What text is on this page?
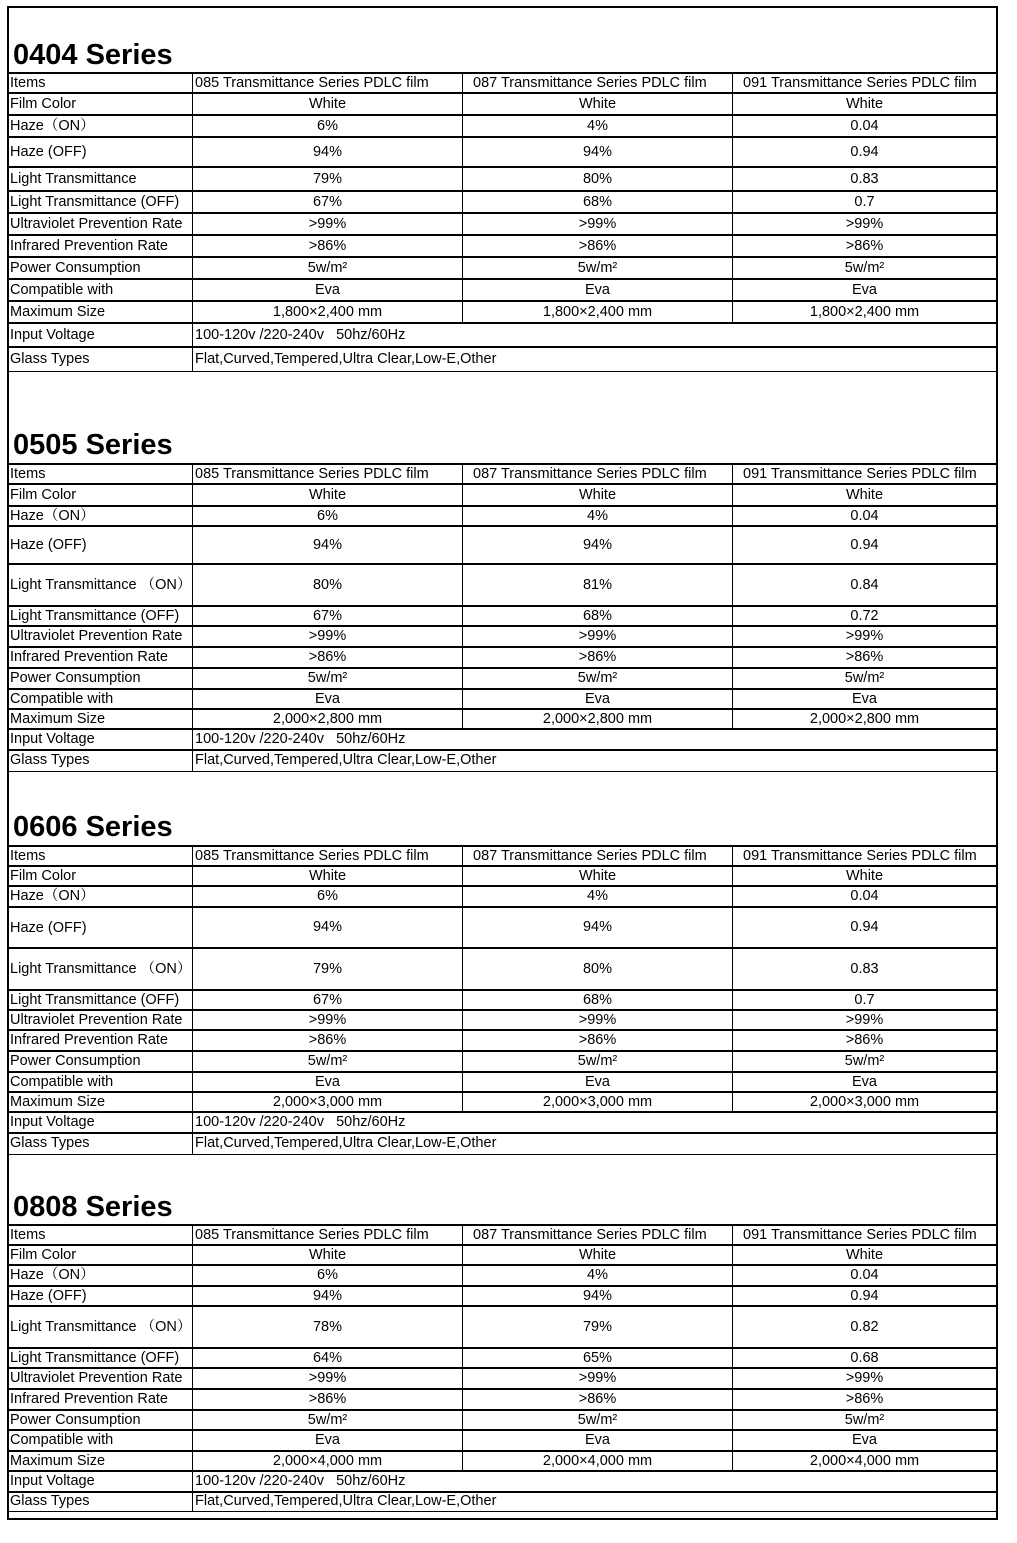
0404 Series
Items	085 Transmittance Series PDLC film	087 Transmittance Series PDLC film	091 Transmittance Series PDLC film
Film Color	White	White	White
Haze（ON）	6%	4%	0.04
Haze (OFF)	94%	94%	0.94
Light Transmittance	79%	80%	0.83
Light Transmittance (OFF)	67%	68%	0.7
Ultraviolet Prevention Rate	>99%	>99%	>99%
Infrared Prevention Rate	>86%	>86%	>86%
Power Consumption	5w/m²	5w/m²	5w/m²
Compatible with	Eva	Eva	Eva
Maximum Size	1,800×2,400 mm	1,800×2,400 mm	1,800×2,400 mm
Input Voltage	100-120v /220-240v   50hz/60Hz		
Glass Types	Flat,Curved,Tempered,Ultra Clear,Low-E,Other		
0505 Series
Items	085 Transmittance Series PDLC film	087 Transmittance Series PDLC film	091 Transmittance Series PDLC film
Film Color	White	White	White
Haze（ON）	6%	4%	0.04
Haze (OFF)	94%	94%	0.94
Light Transmittance （ON）	80%	81%	0.84
Light Transmittance (OFF)	67%	68%	0.72
Ultraviolet Prevention Rate	>99%	>99%	>99%
Infrared Prevention Rate	>86%	>86%	>86%
Power Consumption	5w/m²	5w/m²	5w/m²
Compatible with	Eva	Eva	Eva
Maximum Size	2,000×2,800 mm	2,000×2,800 mm	2,000×2,800 mm
Input Voltage	100-120v /220-240v   50hz/60Hz		
Glass Types	Flat,Curved,Tempered,Ultra Clear,Low-E,Other		
0606 Series
Items	085 Transmittance Series PDLC film	087 Transmittance Series PDLC film	091 Transmittance Series PDLC film
Film Color	White	White	White
Haze（ON）	6%	4%	0.04
Haze (OFF)	94%	94%	0.94
Light Transmittance （ON）	79%	80%	0.83
Light Transmittance (OFF)	67%	68%	0.7
Ultraviolet Prevention Rate	>99%	>99%	>99%
Infrared Prevention Rate	>86%	>86%	>86%
Power Consumption	5w/m²	5w/m²	5w/m²
Compatible with	Eva	Eva	Eva
Maximum Size	2,000×3,000 mm	2,000×3,000 mm	2,000×3,000 mm
Input Voltage	100-120v /220-240v   50hz/60Hz		
Glass Types	Flat,Curved,Tempered,Ultra Clear,Low-E,Other		
0808 Series
Items	085 Transmittance Series PDLC film	087 Transmittance Series PDLC film	091 Transmittance Series PDLC film
Film Color	White	White	White
Haze（ON）	6%	4%	0.04
Haze (OFF)	94%	94%	0.94
Light Transmittance （ON）	78%	79%	0.82
Light Transmittance (OFF)	64%	65%	0.68
Ultraviolet Prevention Rate	>99%	>99%	>99%
Infrared Prevention Rate	>86%	>86%	>86%
Power Consumption	5w/m²	5w/m²	5w/m²
Compatible with	Eva	Eva	Eva
Maximum Size	2,000×4,000 mm	2,000×4,000 mm	2,000×4,000 mm
Input Voltage	100-120v /220-240v   50hz/60Hz		
Glass Types	Flat,Curved,Tempered,Ultra Clear,Low-E,Other		
